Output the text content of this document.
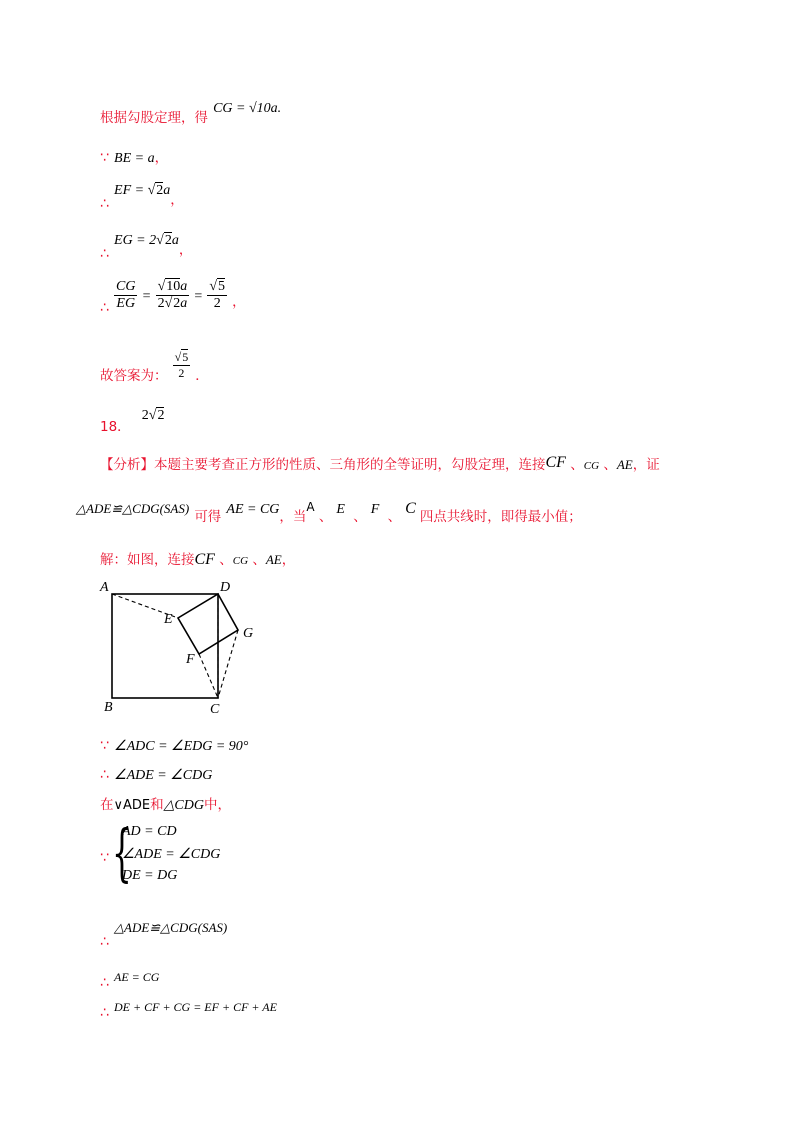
根据勾股定理，得 CG = √10a.
∵ BE = a，
∴ EF = $√2a_,$
∴ EG = $2√2a_,$
∴ $\frac{CG}{EG} = \frac{√10a}{2√2a} = \frac{√5}{2} _,$
$_{故答案为:} \frac{√5}{2} _.$
$_{18.}$ 2√2
【分析】本题主要考查正方形的性质、三角形的全等证明，勾股定理，连接CF 、CG 、AE，证
△ADE≌△CDG(SAS) $_{可得}$ AE = $CG_{,当}A$ $_、$ E $_、$ F $_、$ C $_{四点共线时,即得最小值;}$
解：如图，连接CF 、CG 、AE，
A	D
E
G
F
B	C
∵ ∠ADC = ∠EDG = 90°
∴ ∠ADE = ∠CDG
在∨ADE和△CDG中，
∵ {
AD = CD
∠ADE = ∠CDG
DE = DG
∴ △ADE≌△CDG(SAS)
∴ AE = CG
∴ DE + CF + CG = EF + CF + AE
